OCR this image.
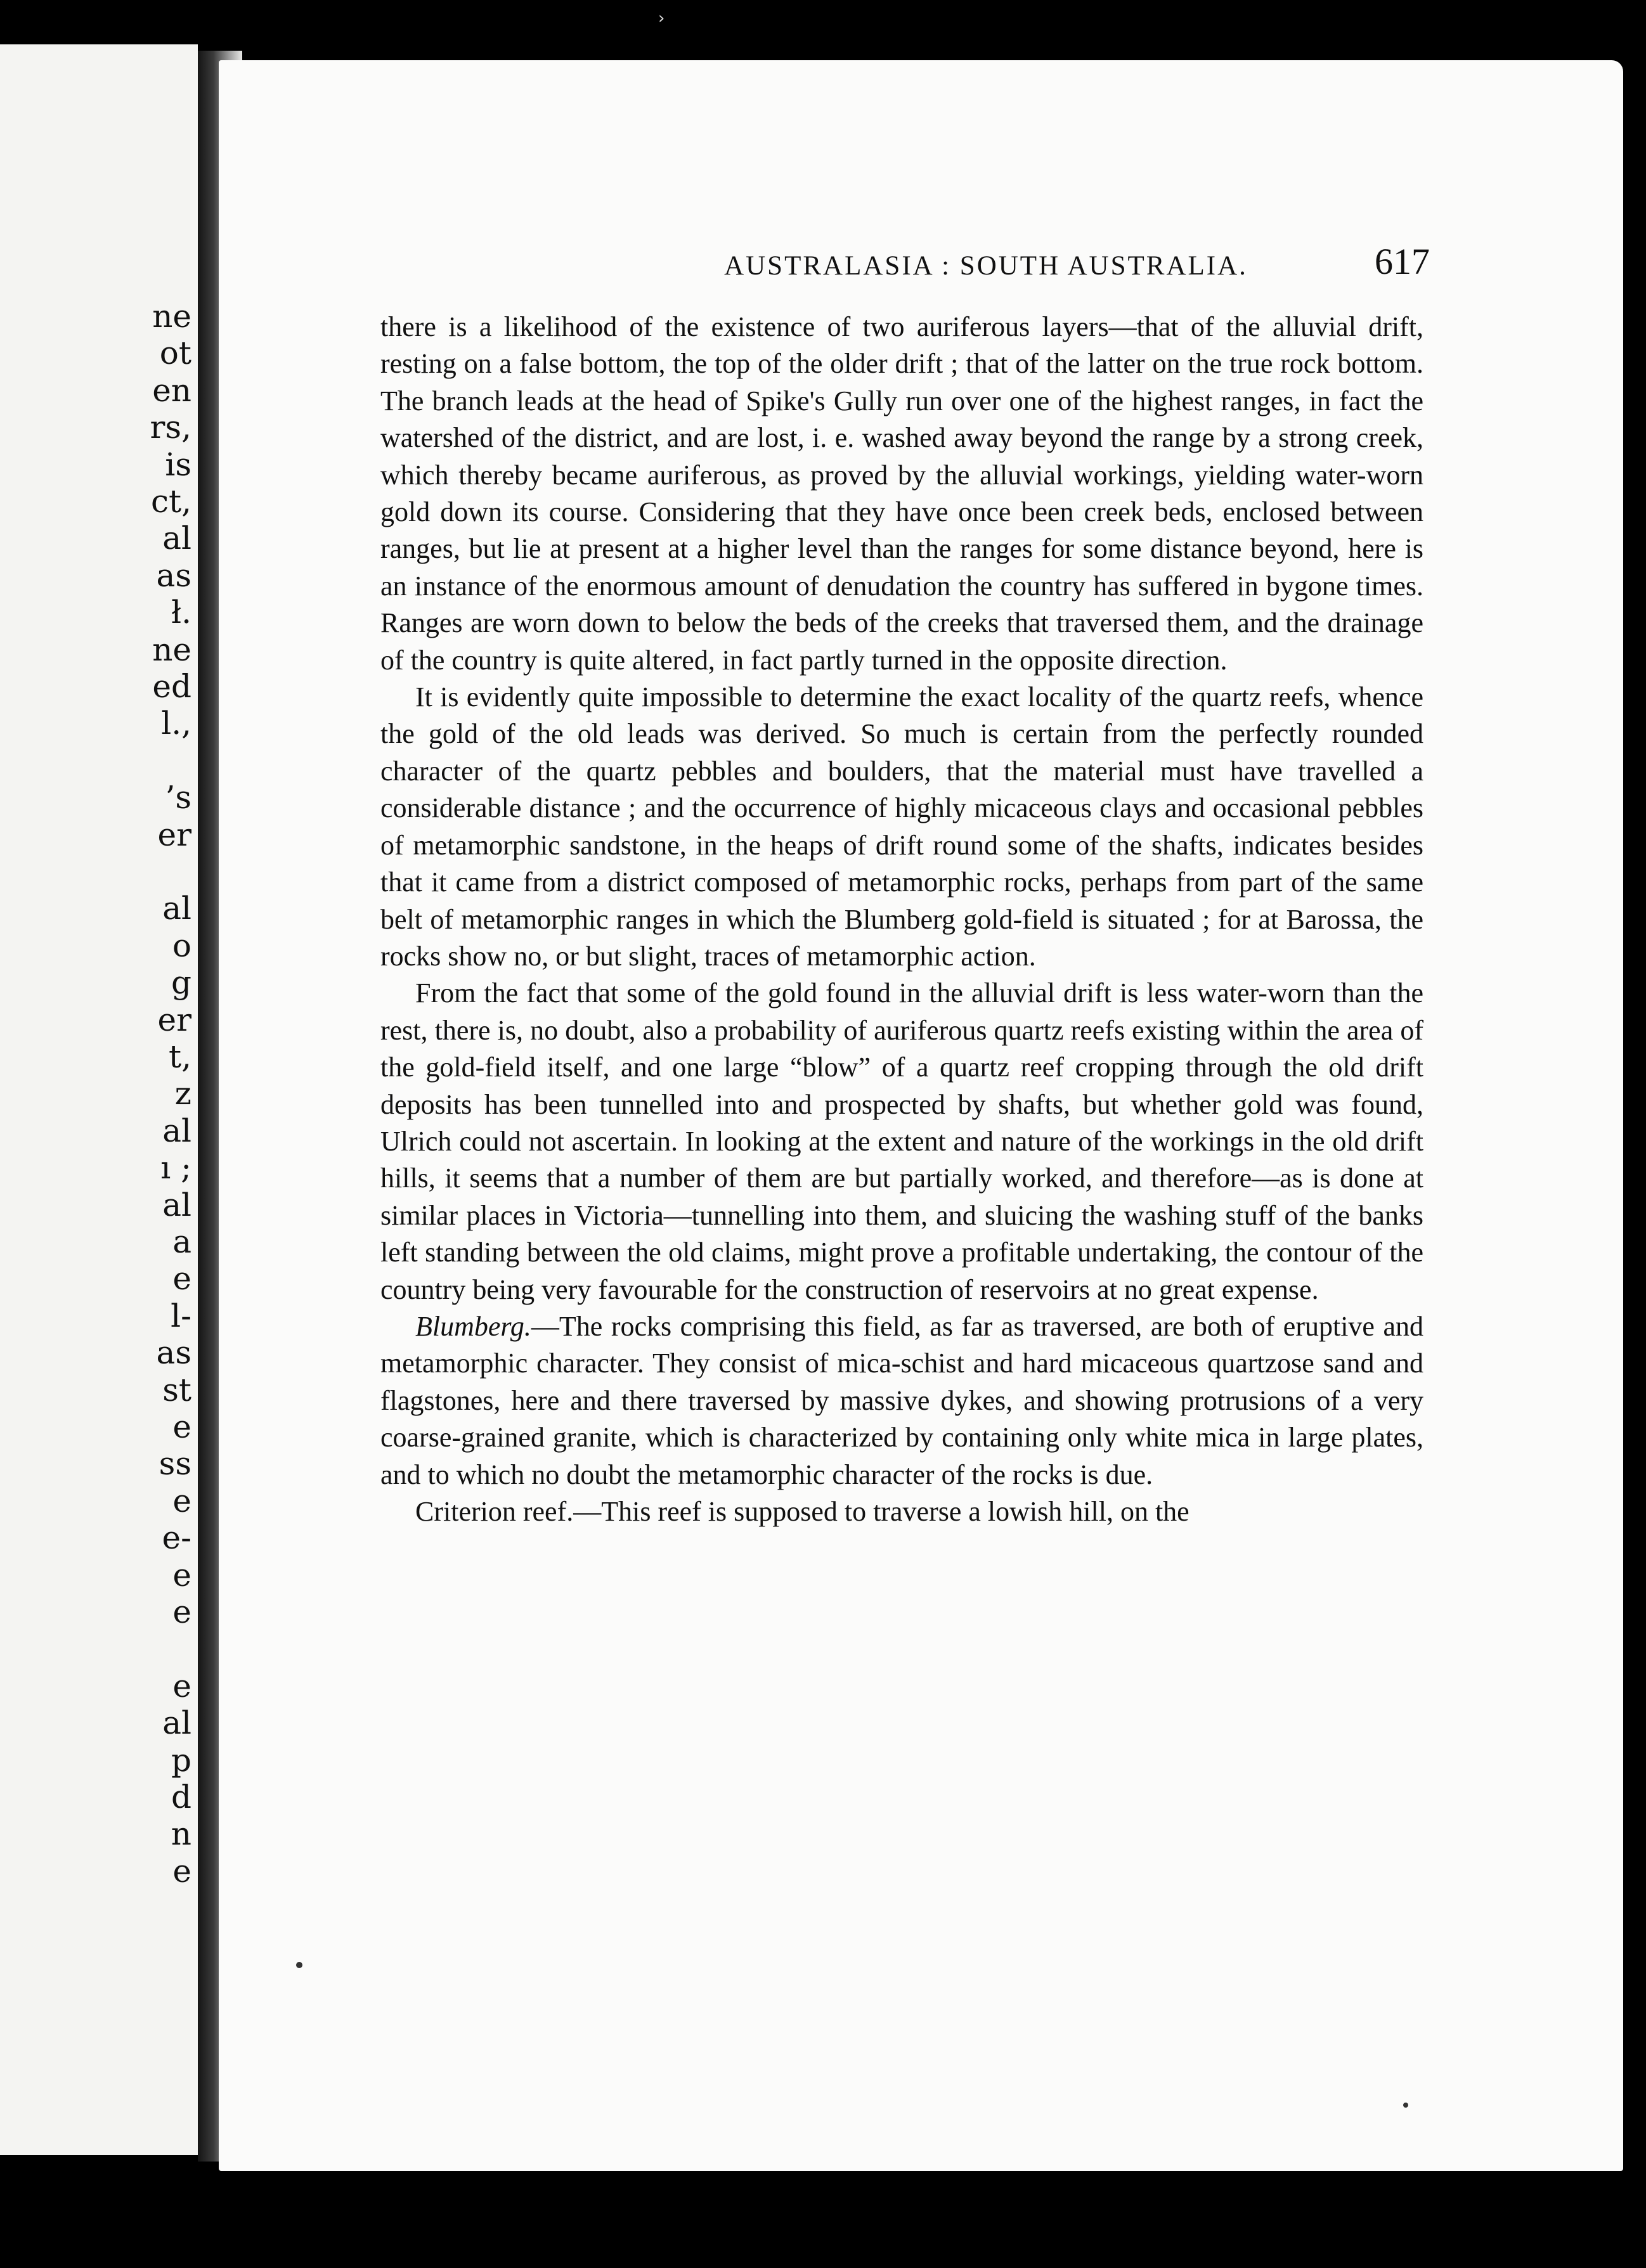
›
ne
ot
en
rs,
is
ct,
al
as
ł.
ne
ed
l.,
’s
er
al
o
g
er
t,
z
al
ı ;
al
a
e
l-
as
st
e
ss
e
e-
e
e
e
al
p
d
n
e
AUSTRALASIA : SOUTH AUSTRALIA.	617

there is a likelihood of the existence of two auriferous layers—that of the alluvial drift, resting on a false bottom, the top of the older drift ; that of the latter on the true rock bottom. The branch leads at the head of Spike's Gully run over one of the highest ranges, in fact the watershed of the district, and are lost, i. e. washed away beyond the range by a strong creek, which thereby became auriferous, as proved by the alluvial workings, yielding water-worn gold down its course. Considering that they have once been creek beds, enclosed between ranges, but lie at present at a higher level than the ranges for some distance beyond, here is an instance of the enormous amount of denudation the country has suffered in bygone times. Ranges are worn down to below the beds of the creeks that traversed them, and the drainage of the country is quite altered, in fact partly turned in the opposite direction.

It is evidently quite impossible to determine the exact locality of the quartz reefs, whence the gold of the old leads was derived. So much is certain from the perfectly rounded character of the quartz pebbles and boulders, that the material must have travelled a considerable distance ; and the occurrence of highly micaceous clays and occasional pebbles of metamorphic sandstone, in the heaps of drift round some of the shafts, indicates besides that it came from a district composed of metamorphic rocks, perhaps from part of the same belt of metamorphic ranges in which the Blumberg gold-field is situated ; for at Barossa, the rocks show no, or but slight, traces of metamorphic action.

From the fact that some of the gold found in the alluvial drift is less water-worn than the rest, there is, no doubt, also a probability of auriferous quartz reefs existing within the area of the gold-field itself, and one large “blow” of a quartz reef cropping through the old drift deposits has been tunnelled into and prospected by shafts, but whether gold was found, Ulrich could not ascertain. In looking at the extent and nature of the workings in the old drift hills, it seems that a number of them are but partially worked, and therefore—as is done at similar places in Victoria—tunnelling into them, and sluicing the washing stuff of the banks left standing between the old claims, might prove a profitable undertaking, the contour of the country being very favourable for the construction of reservoirs at no great expense.

Blumberg.—The rocks comprising this field, as far as traversed, are both of eruptive and metamorphic character. They consist of mica-schist and hard micaceous quartzose sand and flagstones, here and there traversed by massive dykes, and showing protrusions of a very coarse-grained granite, which is characterized by containing only white mica in large plates, and to which no doubt the metamorphic character of the rocks is due.

Criterion reef.—This reef is supposed to traverse a lowish hill, on the
